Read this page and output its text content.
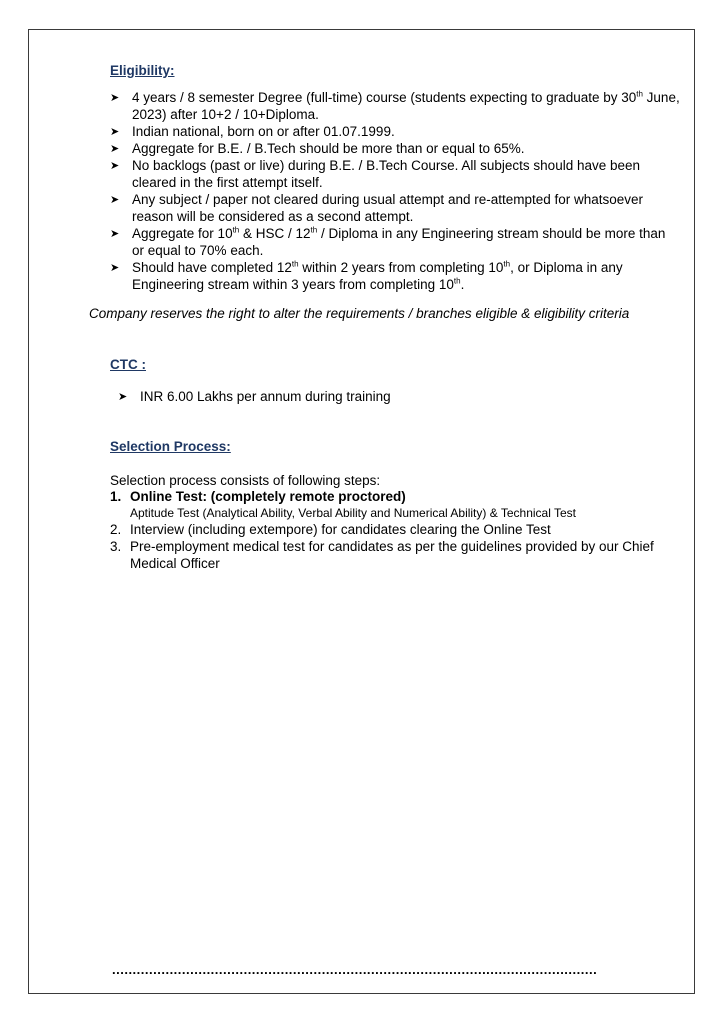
Eligibility:
➤ 4 years / 8 semester Degree (full-time) course (students expecting to graduate by 30th June, 2023) after 10+2 / 10+Diploma.
➤ Indian national, born on or after 01.07.1999.
➤ Aggregate for B.E. / B.Tech should be more than or equal to 65%.
➤ No backlogs (past or live) during B.E. / B.Tech Course. All subjects should have been cleared in the first attempt itself.
➤ Any subject / paper not cleared during usual attempt and re-attempted for whatsoever reason will be considered as a second attempt.
➤ Aggregate for 10th & HSC / 12th / Diploma in any Engineering stream should be more than or equal to 70% each.
➤ Should have completed 12th within 2 years from completing 10th, or Diploma in any Engineering stream within 3 years from completing 10th.
Company reserves the right to alter the requirements / branches eligible & eligibility criteria
CTC :
➤ INR 6.00 Lakhs per annum during training
Selection Process:
Selection process consists of following steps:
1. Online Test: (completely remote proctored)
Aptitude Test (Analytical Ability, Verbal Ability and Numerical Ability) & Technical Test
2. Interview (including extempore) for candidates clearing the Online Test
3. Pre-employment medical test for candidates as per the guidelines provided by our Chief Medical Officer
......................................................................................................................
